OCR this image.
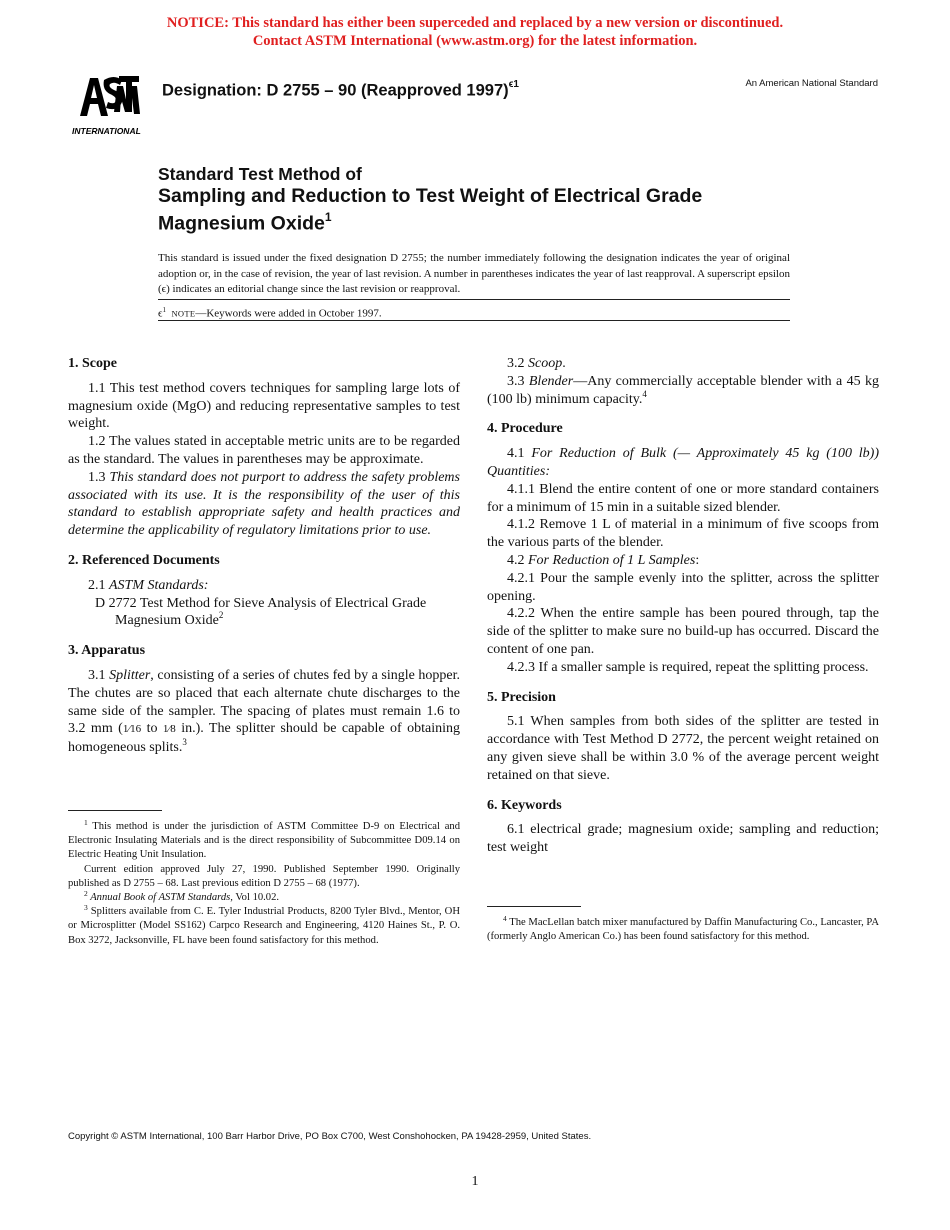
NOTICE: This standard has either been superceded and replaced by a new version or discontinued.
Contact ASTM International (www.astm.org) for the latest information.
INTERNATIONAL
Designation: D 2755 – 90 (Reapproved 1997)$^{\epsilon 1}$	An American National Standard
Standard Test Method of
Sampling and Reduction to Test Weight of Electrical Grade
Magnesium Oxide$^1$
This standard is issued under the fixed designation D 2755; the number immediately following the designation indicates the year of original adoption or, in the case of revision, the year of last revision. A number in parentheses indicates the year of last reapproval. A superscript epsilon (ϵ) indicates an editorial change since the last revision or reapproval.
$\epsilon^1$ NOTE—Keywords were added in October 1997.
1. Scope

1.1 This test method covers techniques for sampling large lots of magnesium oxide (MgO) and reducing representative samples to test weight.

1.2 The values stated in acceptable metric units are to be regarded as the standard. The values in parentheses may be approximate.

1.3 This standard does not purport to address the safety problems associated with its use. It is the responsibility of the user of this standard to establish appropriate safety and health practices and determine the applicability of regulatory limitations prior to use.

2. Referenced Documents

2.1 ASTM Standards:

D 2772 Test Method for Sieve Analysis of Electrical Grade Magnesium Oxide$^2$

3. Apparatus

3.1 Splitter, consisting of a series of chutes fed by a single hopper. The chutes are so placed that each alternate chute discharges to the same side of the sampler. The spacing of plates must remain 1.6 to 3.2 mm (1⁄16 to 1⁄8 in.). The splitter should be capable of obtaining homogeneous splits.$^3$

$^1$ This method is under the jurisdiction of ASTM Committee D-9 on Electrical and Electronic Insulating Materials and is the direct responsibility of Subcommittee D09.14 on Electric Heating Unit Insulation.

Current edition approved July 27, 1990. Published September 1990. Originally published as D 2755 – 68. Last previous edition D 2755 – 68 (1977).

$^2$ Annual Book of ASTM Standards, Vol 10.02.

$^3$ Splitters available from C. E. Tyler Industrial Products, 8200 Tyler Blvd., Mentor, OH or Microsplitter (Model SS162) Carpco Research and Engineering, 4120 Haines St., P. O. Box 3272, Jacksonville, FL have been found satisfactory for this method.

3.2 Scoop.

3.3 Blender—Any commercially acceptable blender with a 45 kg (100 lb) minimum capacity.$^4$

4. Procedure

4.1 For Reduction of Bulk (— Approximately 45 kg (100 lb)) Quantities:

4.1.1 Blend the entire content of one or more standard containers for a minimum of 15 min in a suitable sized blender.

4.1.2 Remove 1 L of material in a minimum of five scoops from the various parts of the blender.

4.2 For Reduction of 1 L Samples:

4.2.1 Pour the sample evenly into the splitter, across the splitter opening.

4.2.2 When the entire sample has been poured through, tap the side of the splitter to make sure no build-up has occurred. Discard the content of one pan.

4.2.3 If a smaller sample is required, repeat the splitting process.

5. Precision

5.1 When samples from both sides of the splitter are tested in accordance with Test Method D 2772, the percent weight retained on any given sieve shall be within 3.0 % of the average percent weight retained on that sieve.

6. Keywords

6.1 electrical grade; magnesium oxide; sampling and reduction; test weight

$^4$ The MacLellan batch mixer manufactured by Daffin Manufacturing Co., Lancaster, PA (formerly Anglo American Co.) has been found satisfactory for this method.

Copyright © ASTM International, 100 Barr Harbor Drive, PO Box C700, West Conshohocken, PA 19428-2959, United States.
1
